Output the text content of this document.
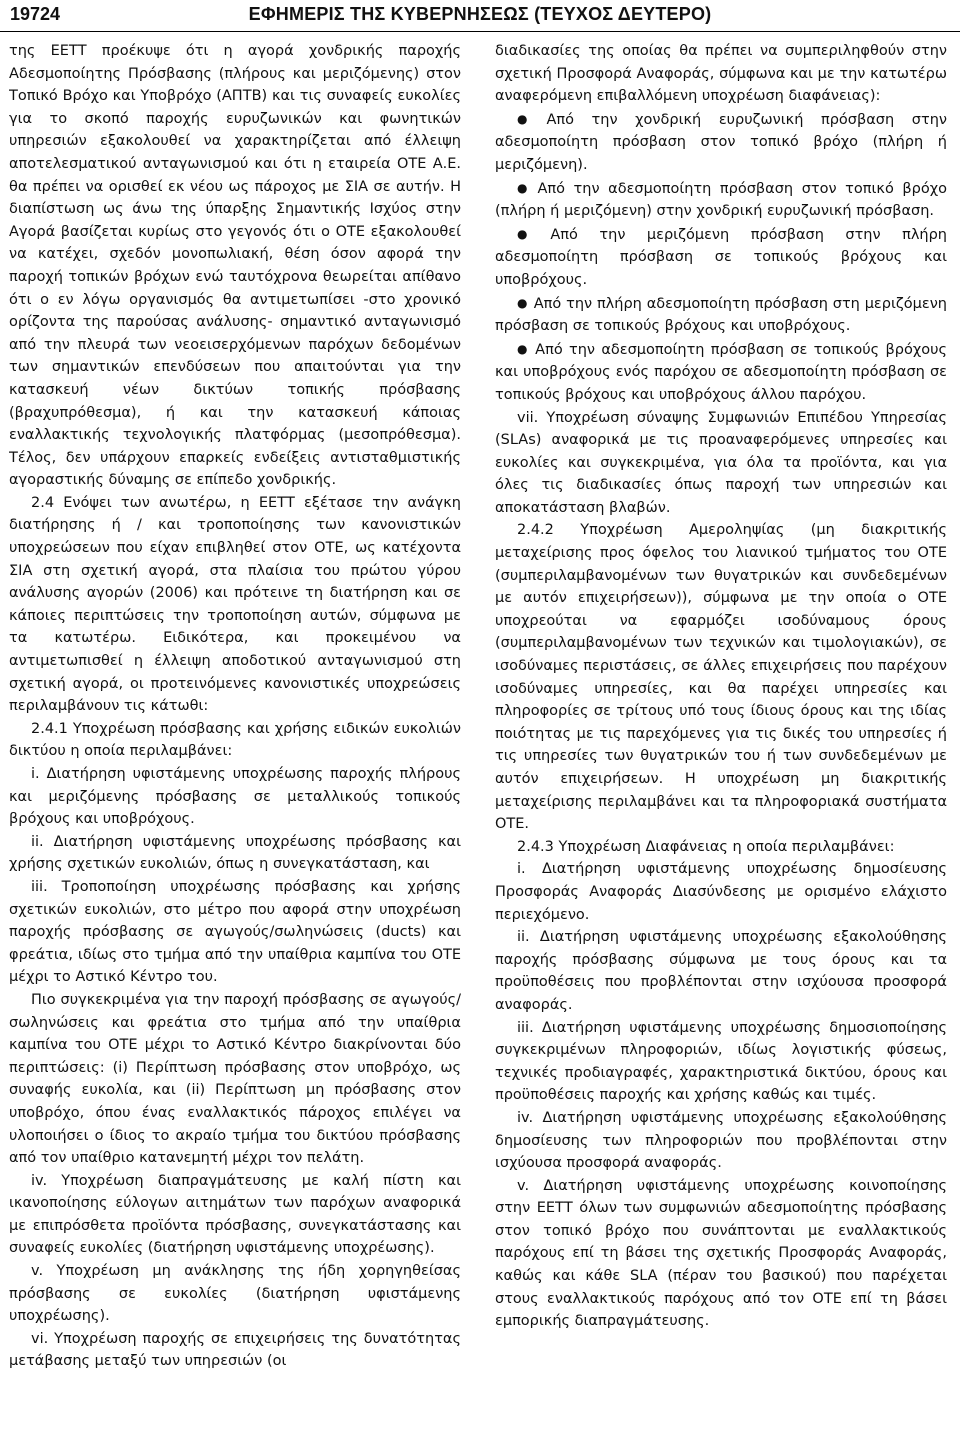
19724	ΕΦΗΜΕΡΙΣ ΤΗΣ ΚΥΒΕΡΝΗΣΕΩΣ (ΤΕΥΧΟΣ ΔΕΥΤΕΡΟ)

της ΕΕΤΤ προέκυψε ότι η αγορά χονδρικής παροχής Αδεσμοποίητης Πρόσβασης (πλήρους και μεριζόμενης) στον Τοπικό Βρόχο και Υποβρόχο (ΑΠΤΒ) και τις συναφείς ευκολίες για το σκοπό παροχής ευρυζωνικών και φωνητικών υπηρεσιών εξακολουθεί να χαρακτηρίζεται από έλλειψη αποτελεσματικού ανταγωνισμού και ότι η εταιρεία ΟΤΕ Α.Ε. θα πρέπει να ορισθεί εκ νέου ως πάροχος με ΣΙΑ σε αυτήν. Η διαπίστωση ως άνω της ύπαρξης Σημαντικής Ισχύος στην Αγορά βασίζεται κυρίως στο γεγονός ότι ο ΟΤΕ εξακολουθεί να κατέχει, σχεδόν μονοπωλιακή, θέση όσον αφορά την παροχή τοπικών βρόχων ενώ ταυτόχρονα θεωρείται απίθανο ότι ο εν λόγω οργανισμός θα αντιμετωπίσει -στο χρονικό ορίζοντα της παρούσας ανάλυσης- σημαντικό ανταγωνισμό από την πλευρά των νεοεισερχόμενων παρόχων δεδομένων των σημαντικών επενδύσεων που απαιτούνται για την κατασκευή νέων δικτύων τοπικής πρόσβασης (βραχυπρόθεσμα), ή και την κατασκευή κάποιας εναλλακτικής τεχνολογικής πλατφόρμας (μεσοπρόθεσμα). Τέλος, δεν υπάρχουν επαρκείς ενδείξεις αντισταθμιστικής αγοραστικής δύναμης σε επίπεδο χονδρικής.

2.4 Ενόψει των ανωτέρω, η ΕΕΤΤ εξέτασε την ανάγκη διατήρησης ή / και τροποποίησης των κανονιστικών υποχρεώσεων που είχαν επιβληθεί στον ΟΤΕ, ως κατέχοντα ΣΙΑ στη σχετική αγορά, στα πλαίσια του πρώτου γύρου ανάλυσης αγορών (2006) και πρότεινε τη διατήρηση και σε κάποιες περιπτώσεις την τροποποίηση αυτών, σύμφωνα με τα κατωτέρω. Ειδικότερα, και προκειμένου να αντιμετωπισθεί η έλλειψη αποδοτικού ανταγωνισμού στη σχετική αγορά, οι προτεινόμενες κανονιστικές υποχρεώσεις περιλαμβάνουν τις κάτωθι:

2.4.1 Υποχρέωση πρόσβασης και χρήσης ειδικών ευκολιών δικτύου η οποία περιλαμβάνει:

i. Διατήρηση υφιστάμενης υποχρέωσης παροχής πλήρους και μεριζόμενης πρόσβασης σε μεταλλικούς τοπικούς βρόχους και υποβρόχους.

ii. Διατήρηση υφιστάμενης υποχρέωσης πρόσβασης και χρήσης σχετικών ευκολιών, όπως η συνεγκατάσταση, και

iii. Τροποποίηση υποχρέωσης πρόσβασης και χρήσης σχετικών ευκολιών, στο μέτρο που αφορά στην υποχρέωση παροχής πρόσβασης σε αγωγούς/σωληνώσεις (ducts) και φρεάτια, ιδίως στο τμήμα από την υπαίθρια καμπίνα του ΟΤΕ μέχρι το Αστικό Κέντρο του.

Πιο συγκεκριμένα για την παροχή πρόσβασης σε αγωγούς/σωληνώσεις και φρεάτια στο τμήμα από την υπαίθρια καμπίνα του ΟΤΕ μέχρι το Αστικό Κέντρο διακρίνονται δύο περιπτώσεις: (i) Περίπτωση πρόσβασης στον υποβρόχο, ως συναφής ευκολία, και (ii) Περίπτωση μη πρόσβασης στον υποβρόχο, όπου ένας εναλλακτικός πάροχος επιλέγει να υλοποιήσει ο ίδιος το ακραίο τμήμα του δικτύου πρόσβασης από τον υπαίθριο κατανεμητή μέχρι τον πελάτη.

iv. Υποχρέωση διαπραγμάτευσης με καλή πίστη και ικανοποίησης εύλογων αιτημάτων των παρόχων αναφορικά με επιπρόσθετα προϊόντα πρόσβασης, συνεγκατάστασης και συναφείς ευκολίες (διατήρηση υφιστάμενης υποχρέωσης).

v. Υποχρέωση μη ανάκλησης της ήδη χορηγηθείσας πρόσβασης σε ευκολίες (διατήρηση υφιστάμενης υποχρέωσης).

vi. Υποχρέωση παροχής σε επιχειρήσεις της δυνατότητας μετάβασης μεταξύ των υπηρεσιών (οι

διαδικασίες της οποίας θα πρέπει να συμπεριληφθούν στην σχετική Προσφορά Αναφοράς, σύμφωνα και με την κατωτέρω αναφερόμενη επιβαλλόμενη υποχρέωση διαφάνειας):

● Από την χονδρική ευρυζωνική πρόσβαση στην αδεσμοποίητη πρόσβαση στον τοπικό βρόχο (πλήρη ή μεριζόμενη).

● Από την αδεσμοποίητη πρόσβαση στον τοπικό βρόχο (πλήρη ή μεριζόμενη) στην χονδρική ευρυζωνική πρόσβαση.

● Από την μεριζόμενη πρόσβαση στην πλήρη αδεσμοποίητη πρόσβαση σε τοπικούς βρόχους και υποβρόχους.

● Από την πλήρη αδεσμοποίητη πρόσβαση στη μεριζόμενη πρόσβαση σε τοπικούς βρόχους και υποβρόχους.

● Από την αδεσμοποίητη πρόσβαση σε τοπικούς βρόχους και υποβρόχους ενός παρόχου σε αδεσμοποίητη πρόσβαση σε τοπικούς βρόχους και υποβρόχους άλλου παρόχου.

vii. Υποχρέωση σύναψης Συμφωνιών Επιπέδου Υπηρεσίας (SLAs) αναφορικά με τις προαναφερόμενες υπηρεσίες και ευκολίες και συγκεκριμένα, για όλα τα προϊόντα, και για όλες τις διαδικασίες όπως παροχή των υπηρεσιών και αποκατάσταση βλαβών.

2.4.2 Υποχρέωση Αμεροληψίας (μη διακριτικής μεταχείρισης προς όφελος του λιανικού τμήματος του ΟΤΕ (συμπεριλαμβανομένων των θυγατρικών και συνδεδεμένων με αυτόν επιχειρήσεων)), σύμφωνα με την οποία ο ΟΤΕ υποχρεούται να εφαρμόζει ισοδύναμους όρους (συμπεριλαμβανομένων των τεχνικών και τιμολογιακών), σε ισοδύναμες περιστάσεις, σε άλλες επιχειρήσεις που παρέχουν ισοδύναμες υπηρεσίες, και θα παρέχει υπηρεσίες και πληροφορίες σε τρίτους υπό τους ίδιους όρους και της ιδίας ποιότητας με τις παρεχόμενες για τις δικές του υπηρεσίες ή τις υπηρεσίες των θυγατρικών του ή των συνδεδεμένων με αυτόν επιχειρήσεων. Η υποχρέωση μη διακριτικής μεταχείρισης περιλαμβάνει και τα πληροφοριακά συστήματα ΟΤΕ.

2.4.3 Υποχρέωση Διαφάνειας η οποία περιλαμβάνει:

i. Διατήρηση υφιστάμενης υποχρέωσης δημοσίευσης Προσφοράς Αναφοράς Διασύνδεσης με ορισμένο ελάχιστο περιεχόμενο.

ii. Διατήρηση υφιστάμενης υποχρέωσης εξακολούθησης παροχής πρόσβασης σύμφωνα με τους όρους και τα προϋποθέσεις που προβλέπονται στην ισχύουσα προσφορά αναφοράς.

iii. Διατήρηση υφιστάμενης υποχρέωσης δημοσιοποίησης συγκεκριμένων πληροφοριών, ιδίως λογιστικής φύσεως, τεχνικές προδιαγραφές, χαρακτηριστικά δικτύου, όρους και προϋποθέσεις παροχής και χρήσης καθώς και τιμές.

iv. Διατήρηση υφιστάμενης υποχρέωσης εξακολούθησης δημοσίευσης των πληροφοριών που προβλέπονται στην ισχύουσα προσφορά αναφοράς.

v. Διατήρηση υφιστάμενης υποχρέωσης κοινοποίησης στην ΕΕΤΤ όλων των συμφωνιών αδεσμοποίητης πρόσβασης στον τοπικό βρόχο που συνάπτονται με εναλλακτικούς παρόχους επί τη βάσει της σχετικής Προσφοράς Αναφοράς, καθώς και κάθε SLA (πέραν του βασικού) που παρέχεται στους εναλλακτικούς παρόχους από τον ΟΤΕ επί τη βάσει εμπορικής διαπραγμάτευσης.
